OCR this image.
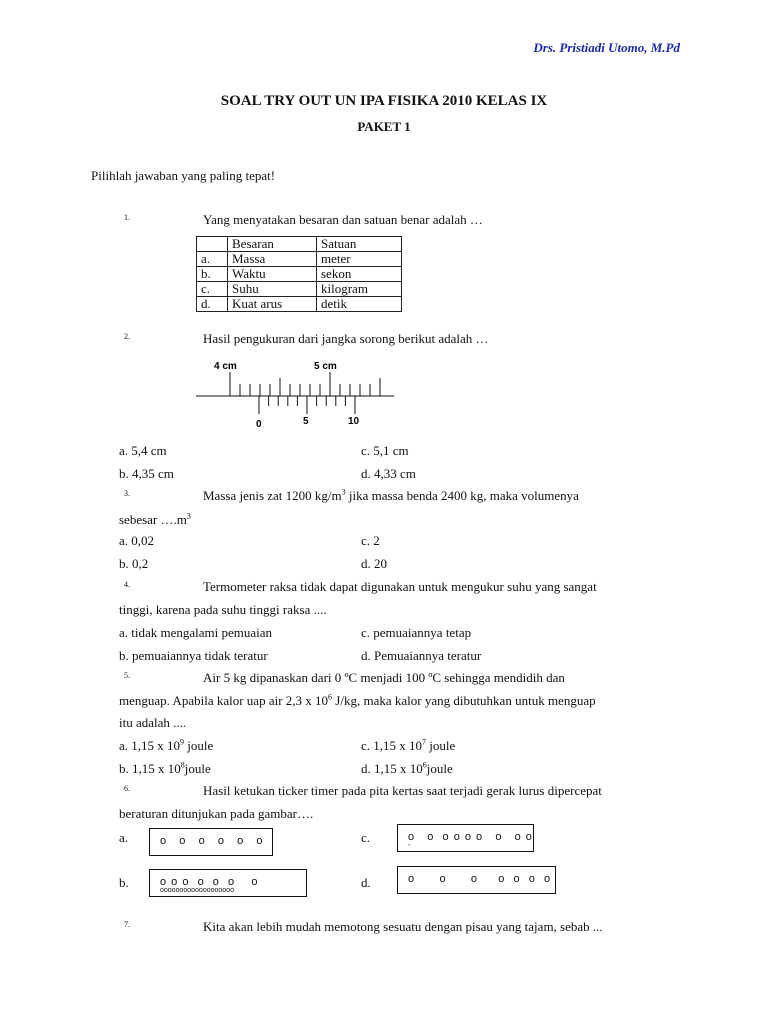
Drs. Pristiadi Utomo, M.Pd
SOAL TRY OUT UN IPA FISIKA 2010 KELAS IX
PAKET 1
Pilihlah jawaban yang paling tepat!
1.	Yang menyatakan besaran dan satuan benar adalah …
	Besaran	Satuan
a.	Massa	meter
b.	Waktu	sekon
c.	Suhu	kilogram
d.	Kuat arus	detik
2.	Hasil pengukuran dari jangka sorong berikut adalah …
4 cm	5 cm
0	5	10
a. 5,4 cm
b. 4,35 cm
c. 5,1 cm
d. 4,33 cm
3.	Massa jenis zat 1200 $kg/m^3$ jika massa benda 2400 kg, maka volumenya
sebesar $\dots.m^3$
a. 0,02
b. 0,2
c. 2
d. 20
4.	Termometer raksa tidak dapat digunakan untuk mengukur suhu yang sangat
tinggi, karena pada suhu tinggi raksa ....
a. tidak mengalami pemuaian
b. pemuaiannya tidak teratur
c. pemuaiannya tetap
d. Pemuaiannya teratur
5.	Air 5 kg dipanaskan dari 0 ºC menjadi 100 ºC sehingga mendidih dan
menguap. Apabila kalor uap air 2,3 x $10^6$ J/kg, maka kalor yang dibutuhkan untuk menguap
itu adalah ....
a. 1,15 x $10^9$ joule
b. 1,15 x $10^8joule$
c. 1,15 x $10^7$ joule
d. 1,15 x $10^6joule$
6.	Hasil ketukan ticker timer pada pita kertas saat terjadi gerak lurus dipercepat
beraturan ditunjukan pada gambar….
a.	o   o   o   o   o   o	c.	o   o  o o o o   o   o o
-
b.	o o o  o  o  o    o
ooooooooooooooooooo
d.	o      o      o     o  o  o  o
7.	Kita akan lebih mudah memotong sesuatu dengan pisau yang tajam, sebab ...
